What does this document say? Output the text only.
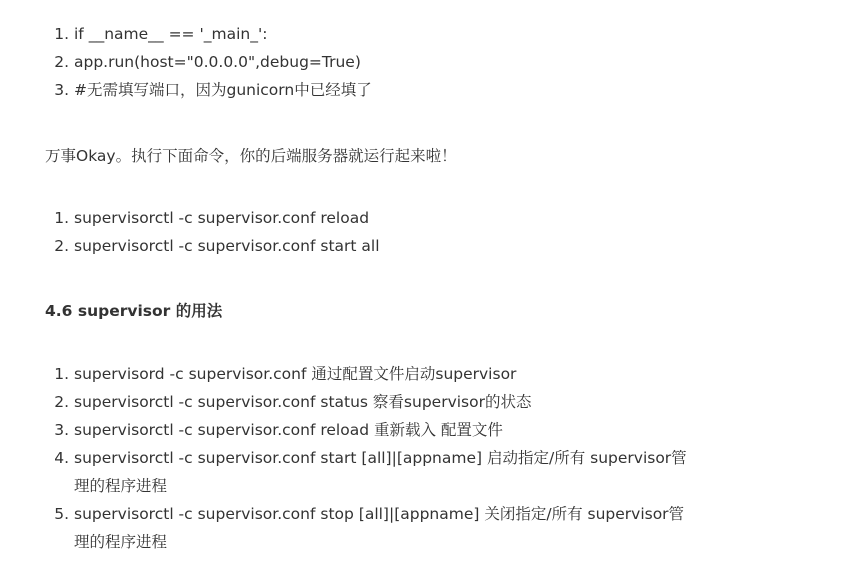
1. if __name__ == '_main_':
2. app.run(host="0.0.0.0",debug=True)
3. #无需填写端口，因为gunicorn中已经填了

万事Okay。执行下面命令，你的后端服务器就运行起来啦！

1. supervisorctl -c supervisor.conf reload
2. supervisorctl -c supervisor.conf start all
4.6 supervisor 的用法
1. supervisord -c supervisor.conf 通过配置文件启动supervisor
2. supervisorctl -c supervisor.conf status 察看supervisor的状态
3. supervisorctl -c supervisor.conf reload 重新载入 配置文件
4. supervisorctl -c supervisor.conf start [all]|[appname] 启动指定/所有 supervisor管理的程序进程
5. supervisorctl -c supervisor.conf stop [all]|[appname] 关闭指定/所有 supervisor管理的程序进程
